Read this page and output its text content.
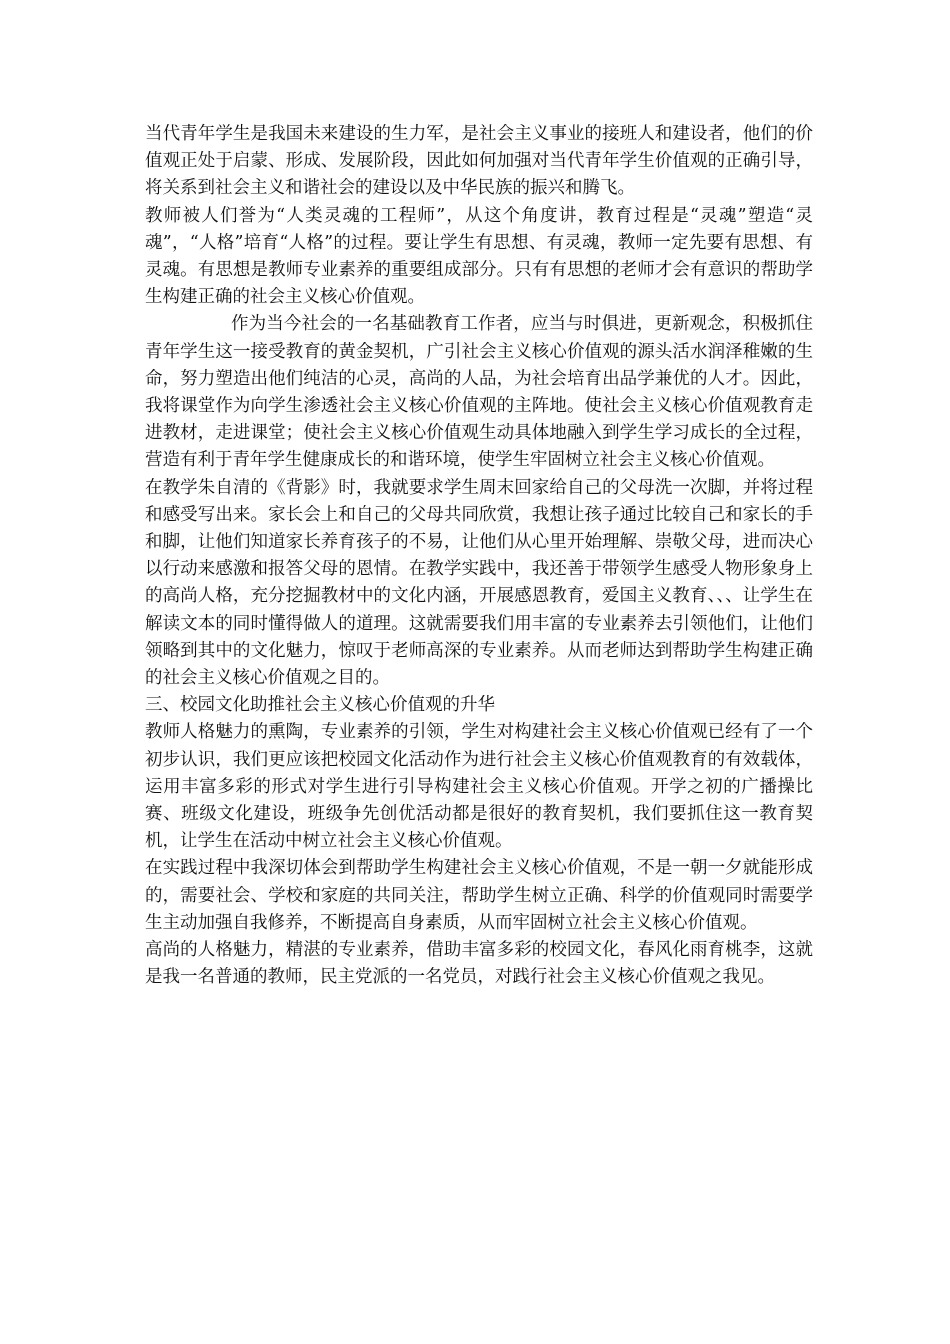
当代青年学生是我国未来建设的生力军，是社会主义事业的接班人和建设者，他们的价值观正处于启蒙、形成、发展阶段，因此如何加强对当代青年学生价值观的正确引导，将关系到社会主义和谐社会的建设以及中华民族的振兴和腾飞。

教师被人们誉为“人类灵魂的工程师”，从这个角度讲，教育过程是“灵魂”塑造“灵魂”，“人格”培育“人格”的过程。要让学生有思想、有灵魂，教师一定先要有思想、有灵魂。有思想是教师专业素养的重要组成部分。只有有思想的老师才会有意识的帮助学生构建正确的社会主义核心价值观。

作为当今社会的一名基础教育工作者，应当与时俱进，更新观念，积极抓住青年学生这一接受教育的黄金契机，广引社会主义核心价值观的源头活水润泽稚嫩的生命，努力塑造出他们纯洁的心灵，高尚的人品，为社会培育出品学兼优的人才。因此，我将课堂作为向学生渗透社会主义核心价值观的主阵地。使社会主义核心价值观教育走进教材，走进课堂；使社会主义核心价值观生动具体地融入到学生学习成长的全过程，营造有利于青年学生健康成长的和谐环境，使学生牢固树立社会主义核心价值观。

在教学朱自清的《背影》时，我就要求学生周末回家给自己的父母洗一次脚，并将过程和感受写出来。家长会上和自己的父母共同欣赏，我想让孩子通过比较自己和家长的手和脚，让他们知道家长养育孩子的不易，让他们从心里开始理解、崇敬父母，进而决心以行动来感激和报答父母的恩情。在教学实践中，我还善于带领学生感受人物形象身上的高尚人格，充分挖掘教材中的文化内涵，开展感恩教育，爱国主义教育、、、让学生在解读文本的同时懂得做人的道理。这就需要我们用丰富的专业素养去引领他们，让他们领略到其中的文化魅力，惊叹于老师高深的专业素养。从而老师达到帮助学生构建正确的社会主义核心价值观之目的。

三、校园文化助推社会主义核心价值观的升华

教师人格魅力的熏陶，专业素养的引领，学生对构建社会主义核心价值观已经有了一个初步认识，我们更应该把校园文化活动作为进行社会主义核心价值观教育的有效载体，运用丰富多彩的形式对学生进行引导构建社会主义核心价值观。开学之初的广播操比赛、班级文化建设，班级争先创优活动都是很好的教育契机，我们要抓住这一教育契机，让学生在活动中树立社会主义核心价值观。

在实践过程中我深切体会到帮助学生构建社会主义核心价值观，不是一朝一夕就能形成的，需要社会、学校和家庭的共同关注，帮助学生树立正确、科学的价值观同时需要学生主动加强自我修养，不断提高自身素质，从而牢固树立社会主义核心价值观。

高尚的人格魅力，精湛的专业素养，借助丰富多彩的校园文化，春风化雨育桃李，这就是我一名普通的教师，民主党派的一名党员，对践行社会主义核心价值观之我见。
